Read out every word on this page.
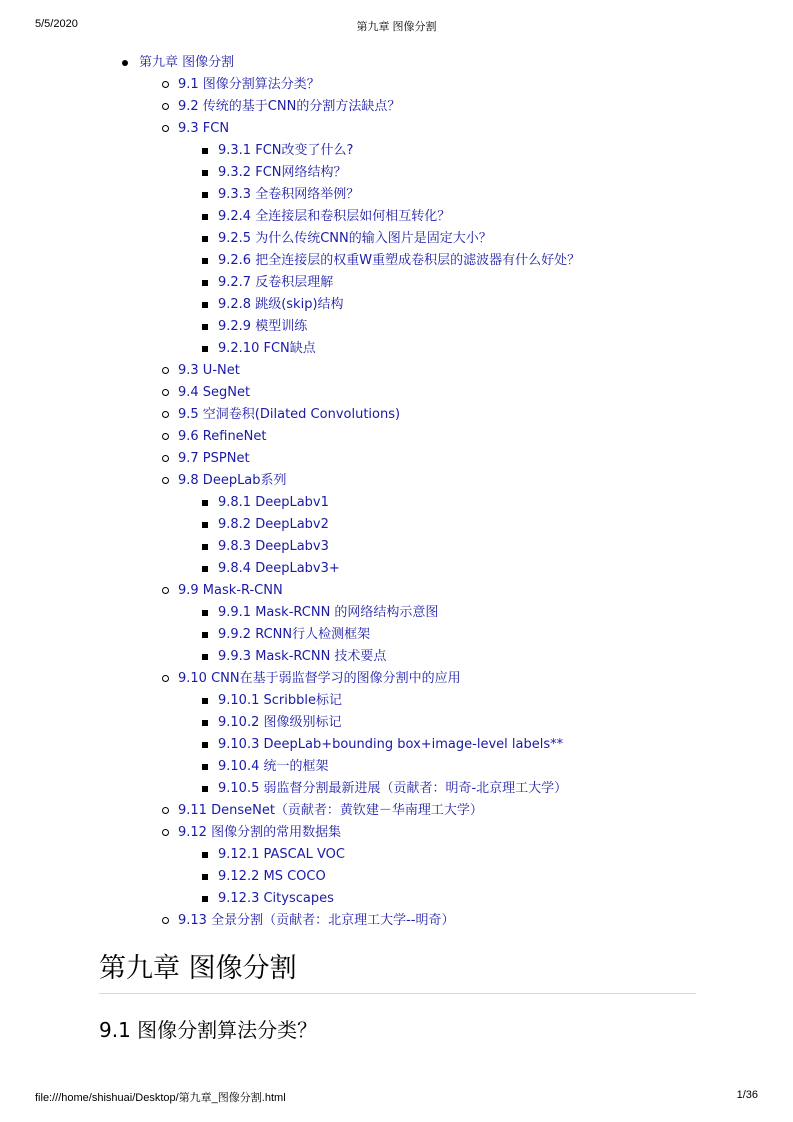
5/5/2020	第九章 图像分割
第九章 图像分割
9.1 图像分割算法分类？
9.2 传统的基于CNN的分割方法缺点？
9.3 FCN
9.3.1 FCN改变了什么?
9.3.2 FCN网络结构？
9.3.3 全卷积网络举例？
9.2.4 全连接层和卷积层如何相互转化？
9.2.5 为什么传统CNN的输入图片是固定大小？
9.2.6 把全连接层的权重W重塑成卷积层的滤波器有什么好处？
9.2.7 反卷积层理解
9.2.8 跳级(skip)结构
9.2.9 模型训练
9.2.10 FCN缺点
9.3 U-Net
9.4 SegNet
9.5 空洞卷积(Dilated Convolutions)
9.6 RefineNet
9.7 PSPNet
9.8 DeepLab系列
9.8.1 DeepLabv1
9.8.2 DeepLabv2
9.8.3 DeepLabv3
9.8.4 DeepLabv3+
9.9 Mask-R-CNN
9.9.1 Mask-RCNN 的网络结构示意图
9.9.2 RCNN行人检测框架
9.9.3 Mask-RCNN 技术要点
9.10 CNN在基于弱监督学习的图像分割中的应用
9.10.1 Scribble标记
9.10.2 图像级别标记
9.10.3 DeepLab+bounding box+image-level labels**
9.10.4 统一的框架
9.10.5 弱监督分割最新进展（贡献者：明奇-北京理工大学）
9.11 DenseNet（贡献者：黄钦建－华南理工大学）
9.12 图像分割的常用数据集
9.12.1 PASCAL VOC
9.12.2 MS COCO
9.12.3 Cityscapes
9.13 全景分割（贡献者：北京理工大学--明奇）
第九章 图像分割
9.1 图像分割算法分类？
file:///home/shishuai/Desktop/第九章_图像分割.html	1/36
